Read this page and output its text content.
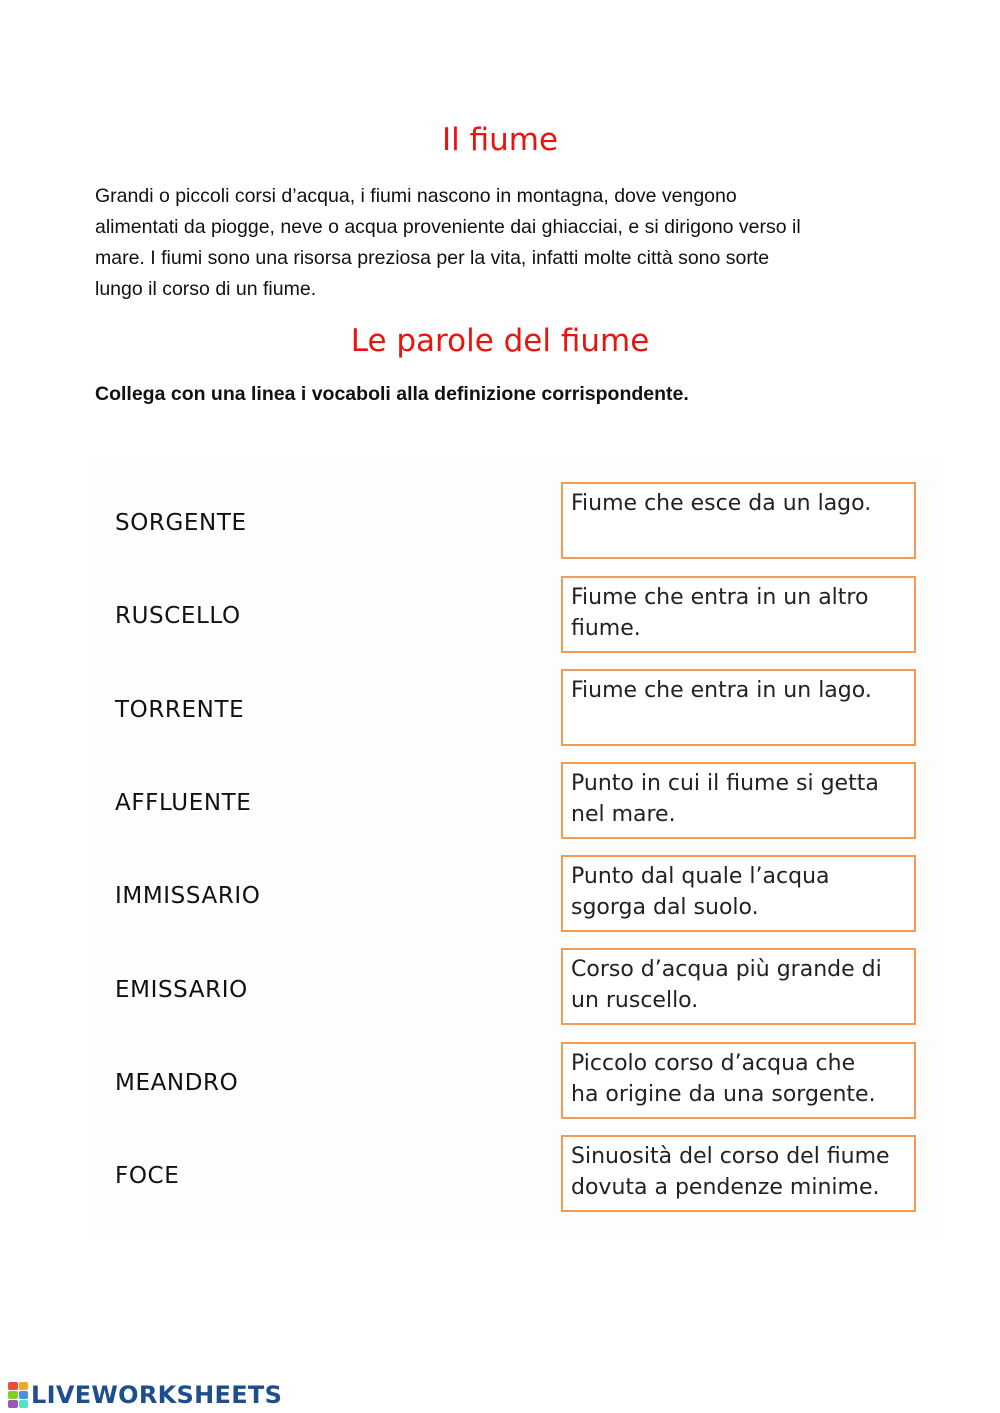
Il fiume
Grandi o piccoli corsi d’acqua, i fiumi nascono in montagna, dove vengono
alimentati da piogge, neve o acqua proveniente dai ghiacciai, e si dirigono verso il
mare. I fiumi sono una risorsa preziosa per la vita, infatti molte città sono sorte
lungo il corso di un fiume.
Le parole del fiume
Collega con una linea i vocaboli alla definizione corrispondente.
SORGENTE
RUSCELLO
TORRENTE
AFFLUENTE
IMMISSARIO
EMISSARIO
MEANDRO
FOCE
Fiume che esce da un lago.
Fiume che entra in un altro
fiume.
Fiume che entra in un lago.
Punto in cui il fiume si getta
nel mare.
Punto dal quale l’acqua
sgorga dal suolo.
Corso d’acqua più grande di
un ruscello.
Piccolo corso d’acqua che
ha origine da una sorgente.
Sinuosità del corso del fiume
dovuta a pendenze minime.
LIVEWORKSHEETS
